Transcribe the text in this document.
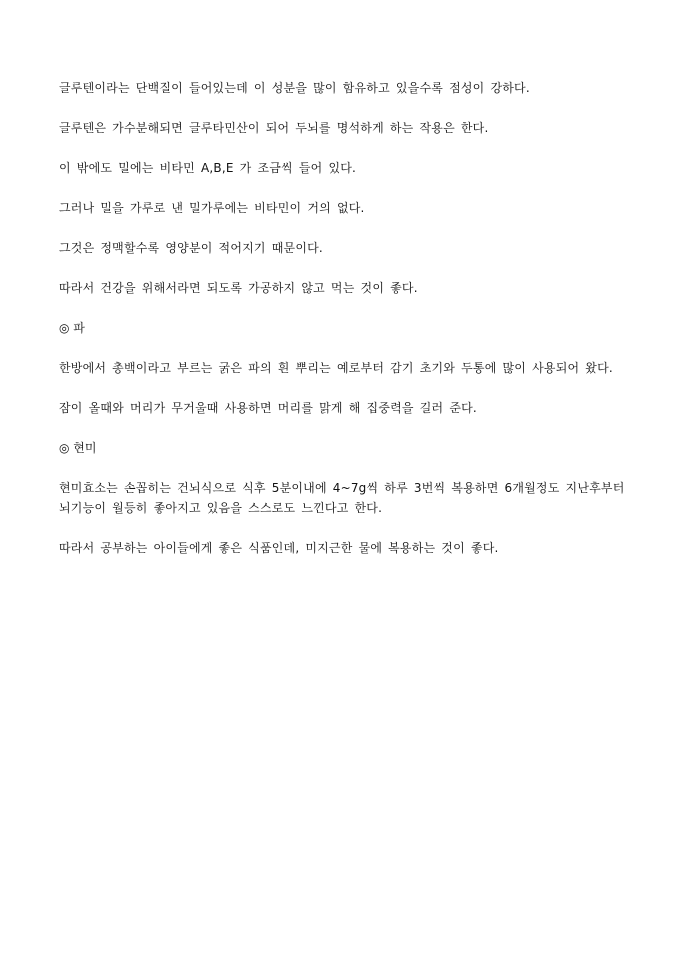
글루텐이라는 단백질이 들어있는데 이 성분을 많이 함유하고 있을수록 점성이 강하다.

글루텐은 가수분해되면 글루타민산이 되어 두뇌를 명석하게 하는 작용은 한다.

이 밖에도 밀에는 비타민 A,B,E 가 조금씩 들어 있다.

그러나 밀을 가루로 낸 밀가루에는 비타민이 거의 없다.

그것은 정맥할수록 영양분이 적어지기 때문이다.

따라서 건강을 위해서라면 되도록 가공하지 않고 먹는 것이 좋다.

◎ 파

한방에서 총백이라고 부르는 굵은 파의 흰 뿌리는 예로부터 감기 초기와 두통에 많이 사용되어 왔다.

잠이 올때와 머리가 무거울때 사용하면 머리를 맑게 해 집중력을 길러 준다.

◎ 현미

현미효소는 손꼽히는 건뇌식으로 식후 5분이내에 4~7g씩 하루 3번씩 복용하면 6개월정도 지난후부터 뇌기능이 월등히 좋아지고 있음을 스스로도 느낀다고 한다.

따라서 공부하는 아이들에게 좋은 식품인데, 미지근한 물에 복용하는 것이 좋다.
